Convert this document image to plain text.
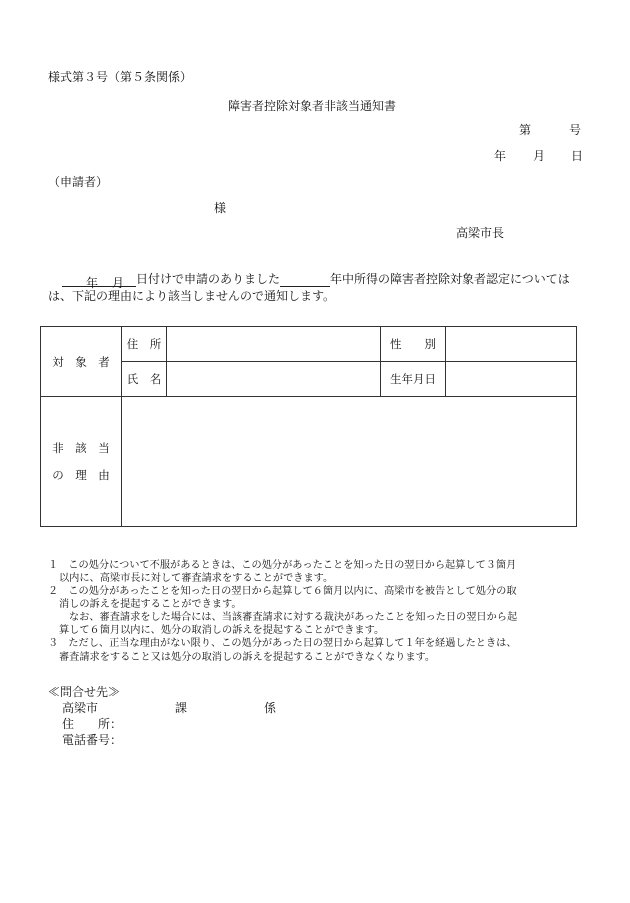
様式第３号（第５条関係）
障害者控除対象者非該当通知書
第	号
年 月 日
（申請者）
様
高梁市長
年 月 日付けで申請のありました	年中所得の障害者控除対象者認定については
は、下記の理由により該当しませんので通知します。
対　象　者	住　所		性　　別	
	氏　名		生年月日	

非　該　当
の　理　由				

１　 この処分について不服があるときは、この処分があったことを知った日の翌日から起算して３箇月
以内に、高梁市長に対して審査請求をすることができます。
２　 この処分があったことを知った日の翌日から起算して６箇月以内に、高梁市を被告として処分の取
消しの訴えを提起することができます。
なお、審査請求をした場合には、当該審査請求に対する裁決があったことを知った日の翌日から起
算して６箇月以内に、処分の取消しの訴えを提起することができます。
３　 ただし、正当な理由がない限り、この処分があった日の翌日から起算して１年を経過したときは、
審査請求をすること又は処分の取消しの訴えを提起することができなくなります。
≪問合せ先≫
高梁市	課	係
住　　所：
電話番号：
